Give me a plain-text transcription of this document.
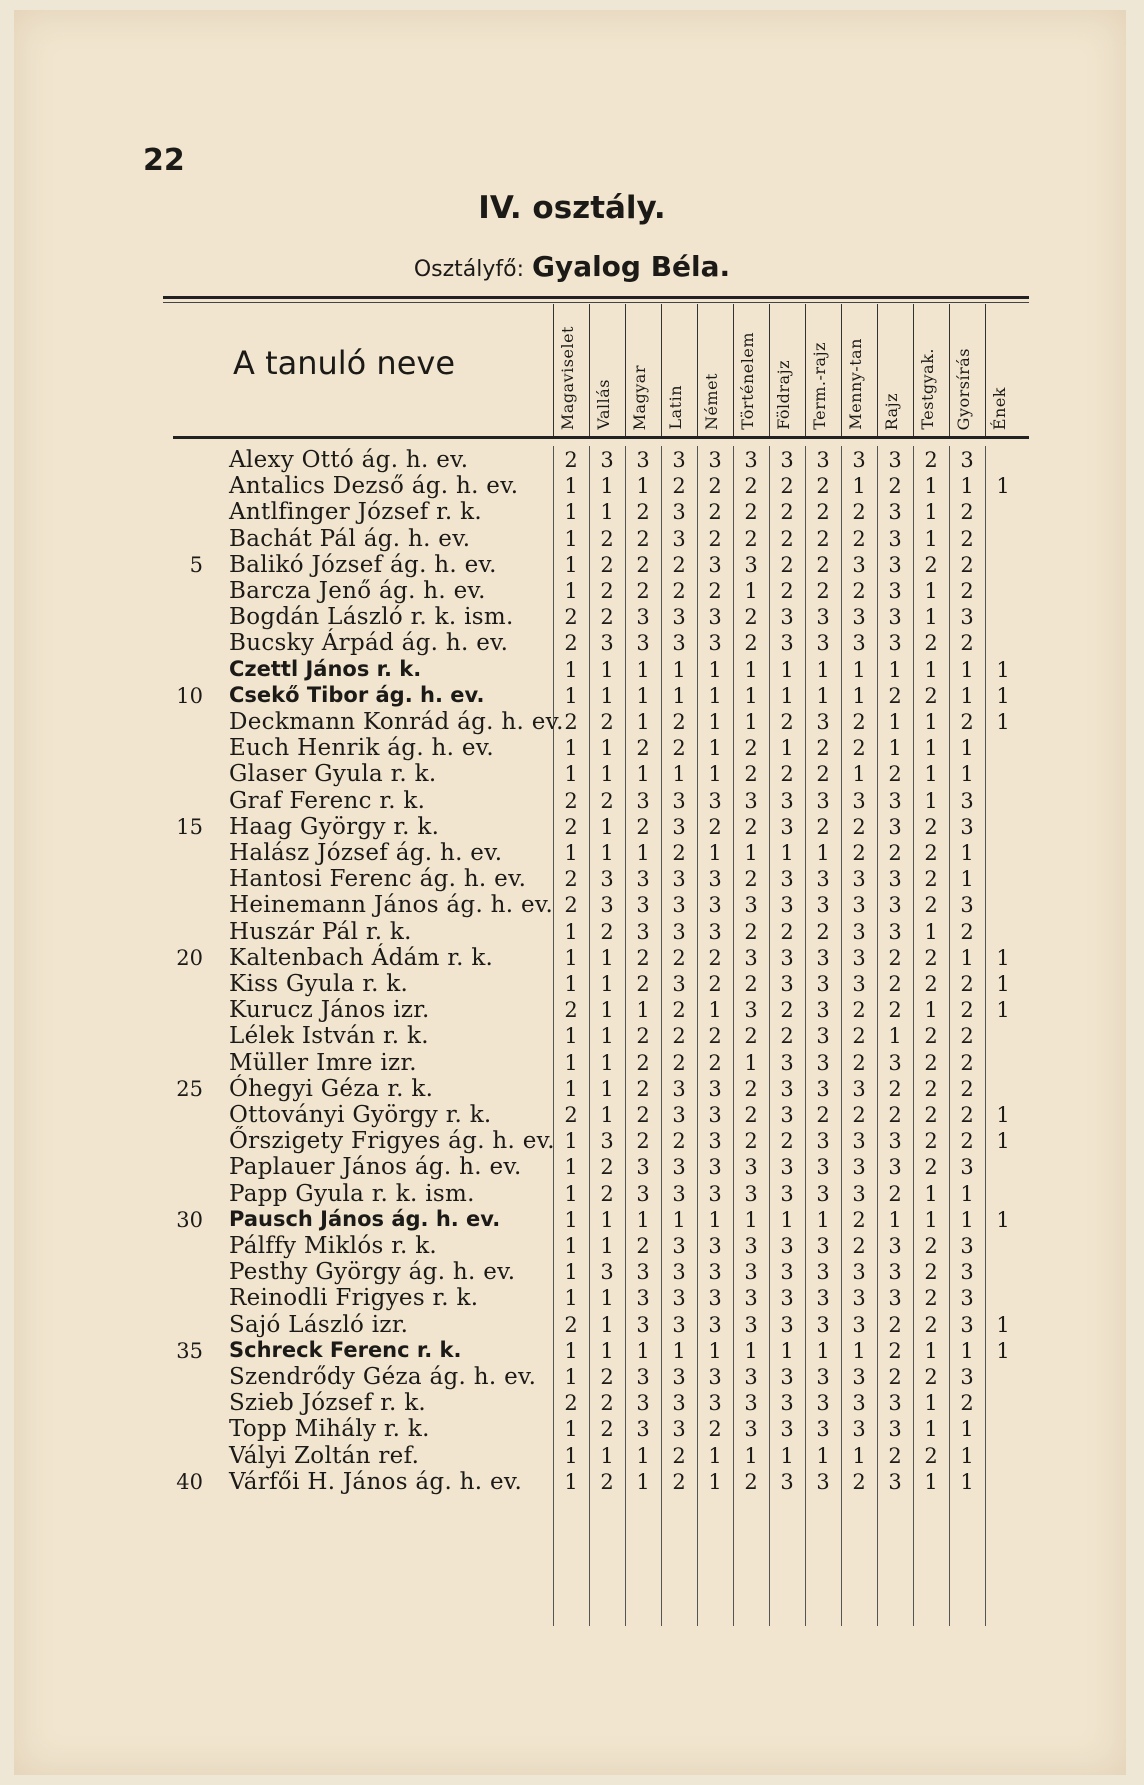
22
IV. osztály.
Osztályfő: Gyalog Béla.
A tanuló neve	Magaviselet Vallás Magyar Latin Német Történelem Földrajz Term.-rajz Menny-tan Rajz Testgyak. Gyorsírás Ének
Alexy Ottó ág. h. ev.	2	3	3	3	3	3	3	3	3	3	2	3
Antalics Dezső ág. h. ev.	1	1	1	2	2	2	2	2	1	2	1	1	1
Antlfinger József r. k.	1	1	2	3	2	2	2	2	2	3	1	2
Bachát Pál ág. h. ev.	1	2	2	3	2	2	2	2	2	3	1	2
5 Balikó József ág. h. ev.	1	2	2	2	3	3	2	2	3	3	2	2
Barcza Jenő ág. h. ev.	1	2	2	2	2	1	2	2	2	3	1	2
Bogdán László r. k. ism.	2	2	3	3	3	2	3	3	3	3	1	3
Bucsky Árpád ág. h. ev.	2	3	3	3	3	2	3	3	3	3	2	2
Czettl János r. k.	1	1	1	1	1	1	1	1	1	1	1	1	1
10 Csekő Tibor ág. h. ev.	1	1	1	1	1	1	1	1	1	2	2	1	1
Deckmann Konrád ág. h. ev. 2	2	1	2	1	1	2	3	2	1	1	2	1
Euch Henrik ág. h. ev.	1	1	2	2	1	2	1	2	2	1	1	1
Glaser Gyula r. k.	1	1	1	1	1	2	2	2	1	2	1	1
Graf Ferenc r. k.	2	2	3	3	3	3	3	3	3	3	1	3
15 Haag György r. k.	2	1	2	3	2	2	3	2	2	3	2	3
Halász József ág. h. ev.	1	1	1	2	1	1	1	1	2	2	2	1
Hantosi Ferenc ág. h. ev.	2	3	3	3	3	2	3	3	3	3	2	1
Heinemann János ág. h. ev. 2	3	3	3	3	3	3	3	3	3	2	3
Huszár Pál r. k.	1	2	3	3	3	2	2	2	3	3	1	2
20 Kaltenbach Ádám r. k.	1	1	2	2	2	3	3	3	3	2	2	1	1
Kiss Gyula r. k.	1	1	2	3	2	2	3	3	3	2	2	2	1
Kurucz János izr.	2	1	1	2	1	3	2	3	2	2	1	2	1
Lélek István r. k.	1	1	2	2	2	2	2	3	2	1	2	2
Müller Imre izr.	1	1	2	2	2	1	3	3	2	3	2	2
25 Óhegyi Géza r. k.	1	1	2	3	3	2	3	3	3	2	2	2
Ottoványi György r. k.	2	1	2	3	3	2	3	2	2	2	2	2	1
Őrszigety Frigyes ág. h. ev. 1	3	2	2	3	2	2	3	3	3	2	2	1
Paplauer János ág. h. ev.	1	2	3	3	3	3	3	3	3	3	2	3
Papp Gyula r. k. ism.	1	2	3	3	3	3	3	3	3	2	1	1
30 Pausch János ág. h. ev.	1	1	1	1	1	1	1	1	2	1	1	1	1
Pálffy Miklós r. k.	1	1	2	3	3	3	3	3	2	3	2	3
Pesthy György ág. h. ev.	1	3	3	3	3	3	3	3	3	3	2	3
Reinodli Frigyes r. k.	1	1	3	3	3	3	3	3	3	3	2	3
Sajó László izr.	2	1	3	3	3	3	3	3	3	2	2	3	1
35 Schreck Ferenc r. k.	1	1	1	1	1	1	1	1	1	2	1	1	1
Szendrődy Géza ág. h. ev.	1	2	3	3	3	3	3	3	3	2	2	3
Szieb József r. k.	2	2	3	3	3	3	3	3	3	3	1	2
Topp Mihály r. k.	1	2	3	3	2	3	3	3	3	3	1	1
Vályi Zoltán ref.	1	1	1	2	1	1	1	1	1	2	2	1
40 Várfői H. János ág. h. ev.	1	2	1	2	1	2	3	3	2	3	1	1
